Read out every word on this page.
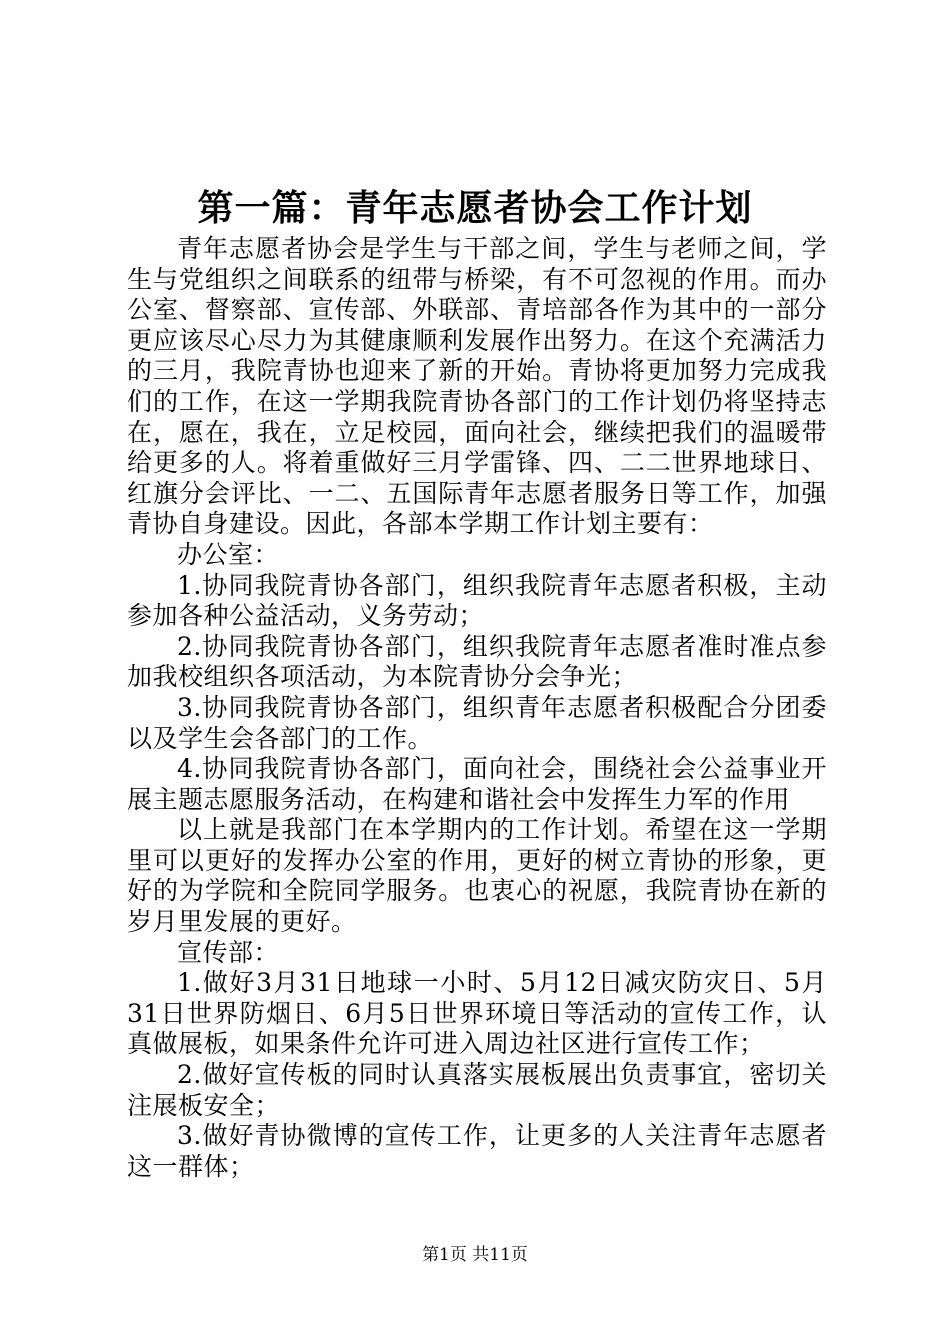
第一篇：青年志愿者协会工作计划

青年志愿者协会是学生与干部之间，学生与老师之间，学生与党组织之间联系的纽带与桥梁，有不可忽视的作用。而办公室、督察部、宣传部、外联部、青培部各作为其中的一部分更应该尽心尽力为其健康顺利发展作出努力。在这个充满活力的三月，我院青协也迎来了新的开始。青协将更加努力完成我们的工作，在这一学期我院青协各部门的工作计划仍将坚持志在，愿在，我在，立足校园，面向社会，继续把我们的温暖带给更多的人。将着重做好三月学雷锋、四、二二世界地球日、红旗分会评比、一二、五国际青年志愿者服务日等工作，加强青协自身建设。因此，各部本学期工作计划主要有：

办公室：

1.协同我院青协各部门，组织我院青年志愿者积极，主动参加各种公益活动，义务劳动；

2.协同我院青协各部门，组织我院青年志愿者准时准点参加我校组织各项活动，为本院青协分会争光；

3.协同我院青协各部门，组织青年志愿者积极配合分团委以及学生会各部门的工作。

4.协同我院青协各部门，面向社会，围绕社会公益事业开展主题志愿服务活动，在构建和谐社会中发挥生力军的作用

以上就是我部门在本学期内的工作计划。希望在这一学期里可以更好的发挥办公室的作用，更好的树立青协的形象，更好的为学院和全院同学服务。也衷心的祝愿，我院青协在新的岁月里发展的更好。

宣传部：

1.做好3月31日地球一小时、5月12日减灾防灾日、5月31日世界防烟日、6月5日世界环境日等活动的宣传工作，认真做展板，如果条件允许可进入周边社区进行宣传工作；

2.做好宣传板的同时认真落实展板展出负责事宜，密切关注展板安全；

3.做好青协微博的宣传工作，让更多的人关注青年志愿者这一群体；

第1页 共11页
